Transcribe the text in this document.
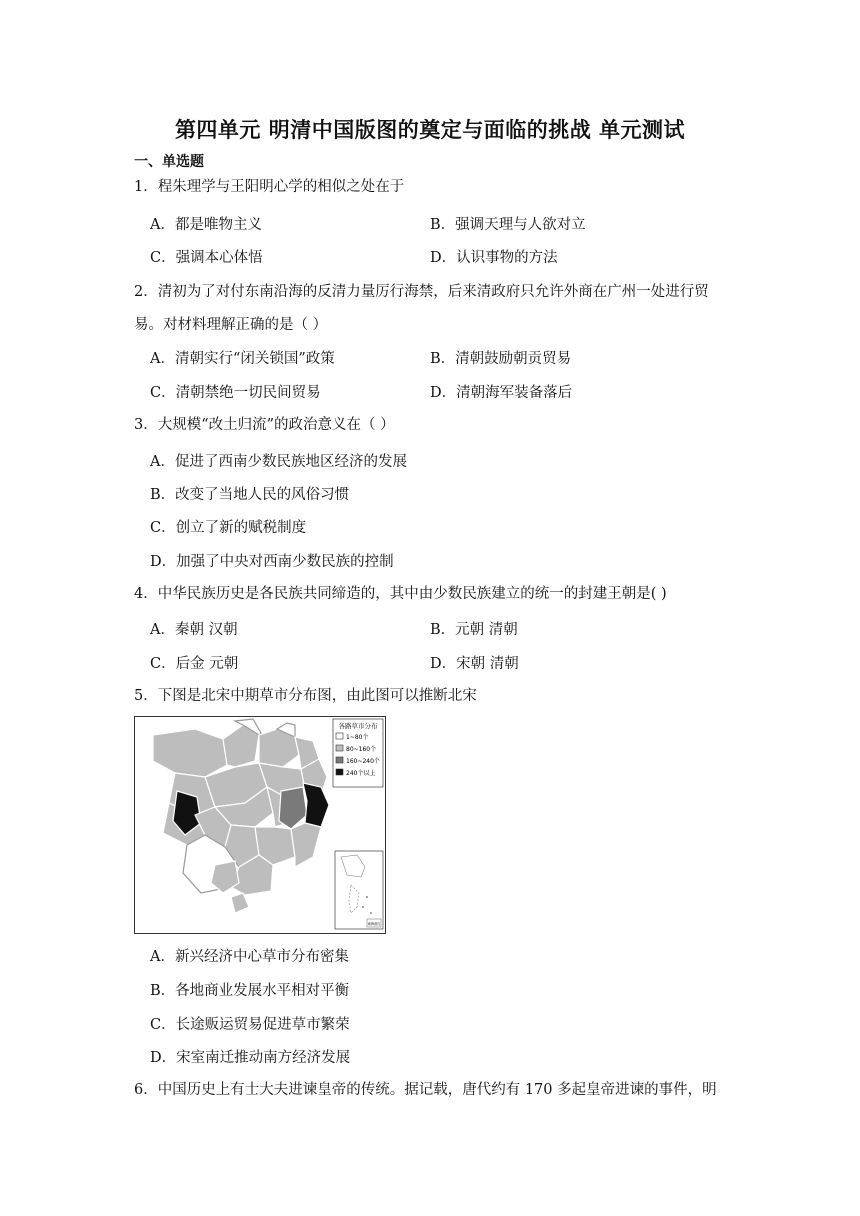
第四单元 明清中国版图的奠定与面临的挑战 单元测试
一、单选题
1．程朱理学与王阳明心学的相似之处在于
A．都是唯物主义	B．强调天理与人欲对立
C．强调本心体悟	D．认识事物的方法
2．清初为了对付东南沿海的反清力量厉行海禁，后来清政府只允许外商在广州一处进行贸
易。对材料理解正确的是（ ）
A．清朝实行“闭关锁国”政策	B．清朝鼓励朝贡贸易
C．清朝禁绝一切民间贸易	D．清朝海军装备落后
3．大规模“改土归流”的政治意义在（ ）
A．促进了西南少数民族地区经济的发展
B．改变了当地人民的风俗习惯
C．创立了新的赋税制度
D．加强了中央对西南少数民族的控制
4．中华民族历史是各民族共同缔造的，其中由少数民族建立的统一的封建王朝是( )
A．秦朝 汉朝	B．元朝 清朝
C．后金 元朝	D．宋朝 清朝
5．下图是北宋中期草市分布图，由此图可以推断北宋
各路草市分布
1~80个
80~160个
160~240个
240个以上
南海诸岛
A．新兴经济中心草市分布密集
B．各地商业发展水平相对平衡
C．长途贩运贸易促进草市繁荣
D．宋室南迁推动南方经济发展
6．中国历史上有士大夫进谏皇帝的传统。据记载，唐代约有 170 多起皇帝进谏的事件，明
